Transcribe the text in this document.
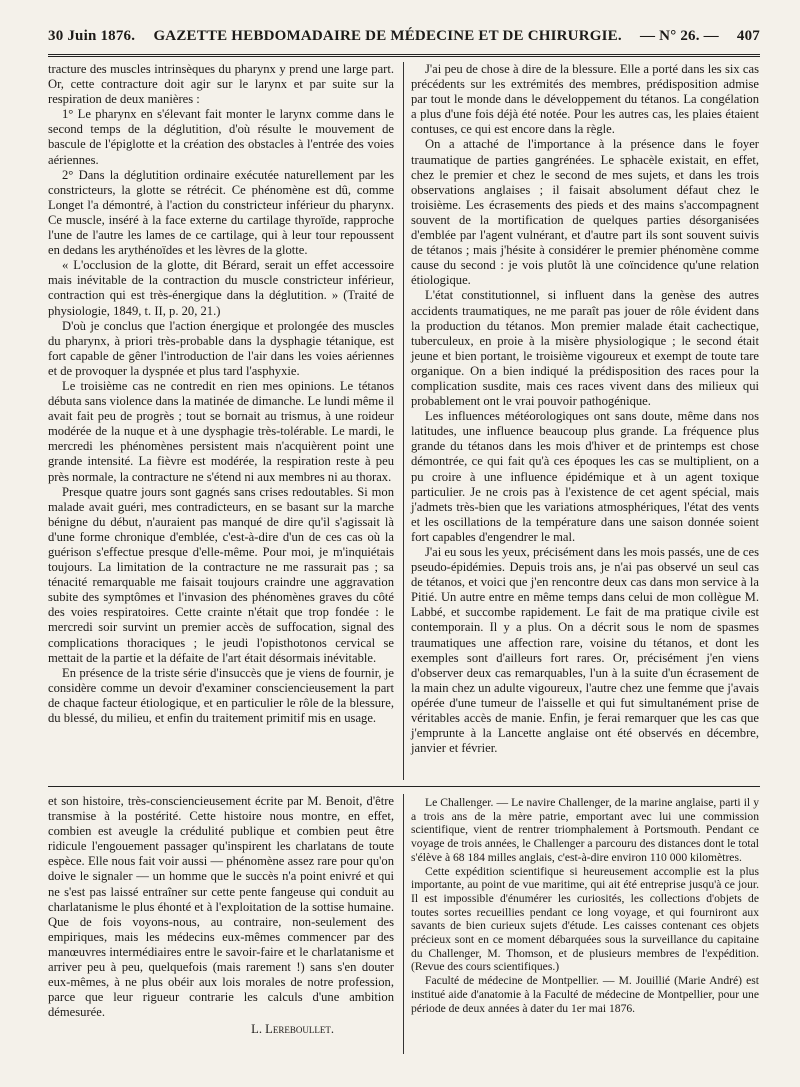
30 Juin 1876. GAZETTE HEBDOMADAIRE DE MÉDECINE ET DE CHIRURGIE. — N° 26. — 407

tracture des muscles intrinsèques du pharynx y prend une large part. Or, cette contracture doit agir sur le larynx et par suite sur la respiration de deux manières :

1° Le pharynx en s'élevant fait monter le larynx comme dans le second temps de la déglutition, d'où résulte le mouvement de bascule de l'épiglotte et la création des obstacles à l'entrée des voies aériennes.

2° Dans la déglutition ordinaire exécutée naturellement par les constricteurs, la glotte se rétrécit. Ce phénomène est dû, comme Longet l'a démontré, à l'action du constricteur inférieur du pharynx. Ce muscle, inséré à la face externe du cartilage thyroïde, rapproche l'une de l'autre les lames de ce cartilage, qui à leur tour repoussent en dedans les arythénoïdes et les lèvres de la glotte.

« L'occlusion de la glotte, dit Bérard, serait un effet accessoire mais inévitable de la contraction du muscle constricteur inférieur, contraction qui est très-énergique dans la déglutition. » (Traité de physiologie, 1849, t. II, p. 20, 21.)

D'où je conclus que l'action énergique et prolongée des muscles du pharynx, à priori très-probable dans la dysphagie tétanique, est fort capable de gêner l'introduction de l'air dans les voies aériennes et de provoquer la dyspnée et plus tard l'asphyxie.

Le troisième cas ne contredit en rien mes opinions. Le tétanos débuta sans violence dans la matinée de dimanche. Le lundi même il avait fait peu de progrès ; tout se bornait au trismus, à une roideur modérée de la nuque et à une dysphagie très-tolérable. Le mardi, le mercredi les phénomènes persistent mais n'acquièrent point une grande intensité. La fièvre est modérée, la respiration reste à peu près normale, la contracture ne s'étend ni aux membres ni au thorax.

Presque quatre jours sont gagnés sans crises redoutables. Si mon malade avait guéri, mes contradicteurs, en se basant sur la marche bénigne du début, n'auraient pas manqué de dire qu'il s'agissait là d'une forme chronique d'emblée, c'est-à-dire d'un de ces cas où la guérison s'effectue presque d'elle-même. Pour moi, je m'inquiétais toujours. La limitation de la contracture ne me rassurait pas ; sa ténacité remarquable me faisait toujours craindre une aggravation subite des symptômes et l'invasion des phénomènes graves du côté des voies respiratoires. Cette crainte n'était que trop fondée : le mercredi soir survint un premier accès de suffocation, signal des complications thoraciques ; le jeudi l'opisthotonos cervical se mettait de la partie et la défaite de l'art était désormais inévitable.

En présence de la triste série d'insuccès que je viens de fournir, je considère comme un devoir d'examiner consciencieusement la part de chaque facteur étiologique, et en particulier le rôle de la blessure, du blessé, du milieu, et enfin du traitement primitif mis en usage.

J'ai peu de chose à dire de la blessure. Elle a porté dans les six cas précédents sur les extrémités des membres, prédisposition admise par tout le monde dans le développement du tétanos. La congélation a plus d'une fois déjà été notée. Pour les autres cas, les plaies étaient contuses, ce qui est encore dans la règle.

On a attaché de l'importance à la présence dans le foyer traumatique de parties gangrénées. Le sphacèle existait, en effet, chez le premier et chez le second de mes sujets, et dans les trois observations anglaises ; il faisait absolument défaut chez le troisième. Les écrasements des pieds et des mains s'accompagnent souvent de la mortification de quelques parties désorganisées d'emblée par l'agent vulnérant, et d'autre part ils sont souvent suivis de tétanos ; mais j'hésite à considérer le premier phénomène comme cause du second : je vois plutôt là une coïncidence qu'une relation étiologique.

L'état constitutionnel, si influent dans la genèse des autres accidents traumatiques, ne me paraît pas jouer de rôle évident dans la production du tétanos. Mon premier malade était cachectique, tuberculeux, en proie à la misère physiologique ; le second était jeune et bien portant, le troisième vigoureux et exempt de toute tare organique. On a bien indiqué la prédisposition des races pour la complication susdite, mais ces races vivent dans des milieux qui probablement ont le vrai pouvoir pathogénique.

Les influences météorologiques ont sans doute, même dans nos latitudes, une influence beaucoup plus grande. La fréquence plus grande du tétanos dans les mois d'hiver et de printemps est chose démontrée, ce qui fait qu'à ces époques les cas se multiplient, on a pu croire à une influence épidémique et à un agent toxique particulier. Je ne crois pas à l'existence de cet agent spécial, mais j'admets très-bien que les variations atmosphériques, l'état des vents et les oscillations de la température dans une saison donnée soient fort capables d'engendrer le mal.

J'ai eu sous les yeux, précisément dans les mois passés, une de ces pseudo-épidémies. Depuis trois ans, je n'ai pas observé un seul cas de tétanos, et voici que j'en rencontre deux cas dans mon service à la Pitié. Un autre entre en même temps dans celui de mon collègue M. Labbé, et succombe rapidement. Le fait de ma pratique civile est contemporain. Il y a plus. On a décrit sous le nom de spasmes traumatiques une affection rare, voisine du tétanos, et dont les exemples sont d'ailleurs fort rares. Or, précisément j'en viens d'observer deux cas remarquables, l'un à la suite d'un écrasement de la main chez un adulte vigoureux, l'autre chez une femme que j'avais opérée d'une tumeur de l'aisselle et qui fut simultanément prise de véritables accès de manie. Enfin, je ferai remarquer que les cas que j'emprunte à la Lancette anglaise ont été observés en décembre, janvier et février.

et son histoire, très-consciencieusement écrite par M. Benoit, d'être transmise à la postérité. Cette histoire nous montre, en effet, combien est aveugle la crédulité publique et combien peut être ridicule l'engouement passager qu'inspirent les charlatans de toute espèce. Elle nous fait voir aussi — phénomène assez rare pour qu'on doive le signaler — un homme que le succès n'a point enivré et qui ne s'est pas laissé entraîner sur cette pente fangeuse qui conduit au charlatanisme le plus éhonté et à l'exploitation de la sottise humaine. Que de fois voyons-nous, au contraire, non-seulement des empiriques, mais les médecins eux-mêmes commencer par des manœuvres intermédiaires entre le savoir-faire et le charlatanisme et arriver peu à peu, quelquefois (mais rarement !) sans s'en douter eux-mêmes, à ne plus obéir aux lois morales de notre profession, parce que leur rigueur contrarie les calculs d'une ambition démesurée.

L. Lereboullet.

Le Challenger. — Le navire Challenger, de la marine anglaise, parti il y a trois ans de la mère patrie, emportant avec lui une commission scientifique, vient de rentrer triomphalement à Portsmouth. Pendant ce voyage de trois années, le Challenger a parcouru des distances dont le total s'élève à 68 184 milles anglais, c'est-à-dire environ 110 000 kilomètres.

Cette expédition scientifique si heureusement accomplie est la plus importante, au point de vue maritime, qui ait été entreprise jusqu'à ce jour. Il est impossible d'énumérer les curiosités, les collections d'objets de toutes sortes recueillies pendant ce long voyage, et qui fourniront aux savants de bien curieux sujets d'étude. Les caisses contenant ces objets précieux sont en ce moment débarquées sous la surveillance du capitaine du Challenger, M. Thomson, et de plusieurs membres de l'expédition. (Revue des cours scientifiques.)

Faculté de médecine de Montpellier. — M. Jouillié (Marie André) est institué aide d'anatomie à la Faculté de médecine de Montpellier, pour une période de deux années à dater du 1er mai 1876.
